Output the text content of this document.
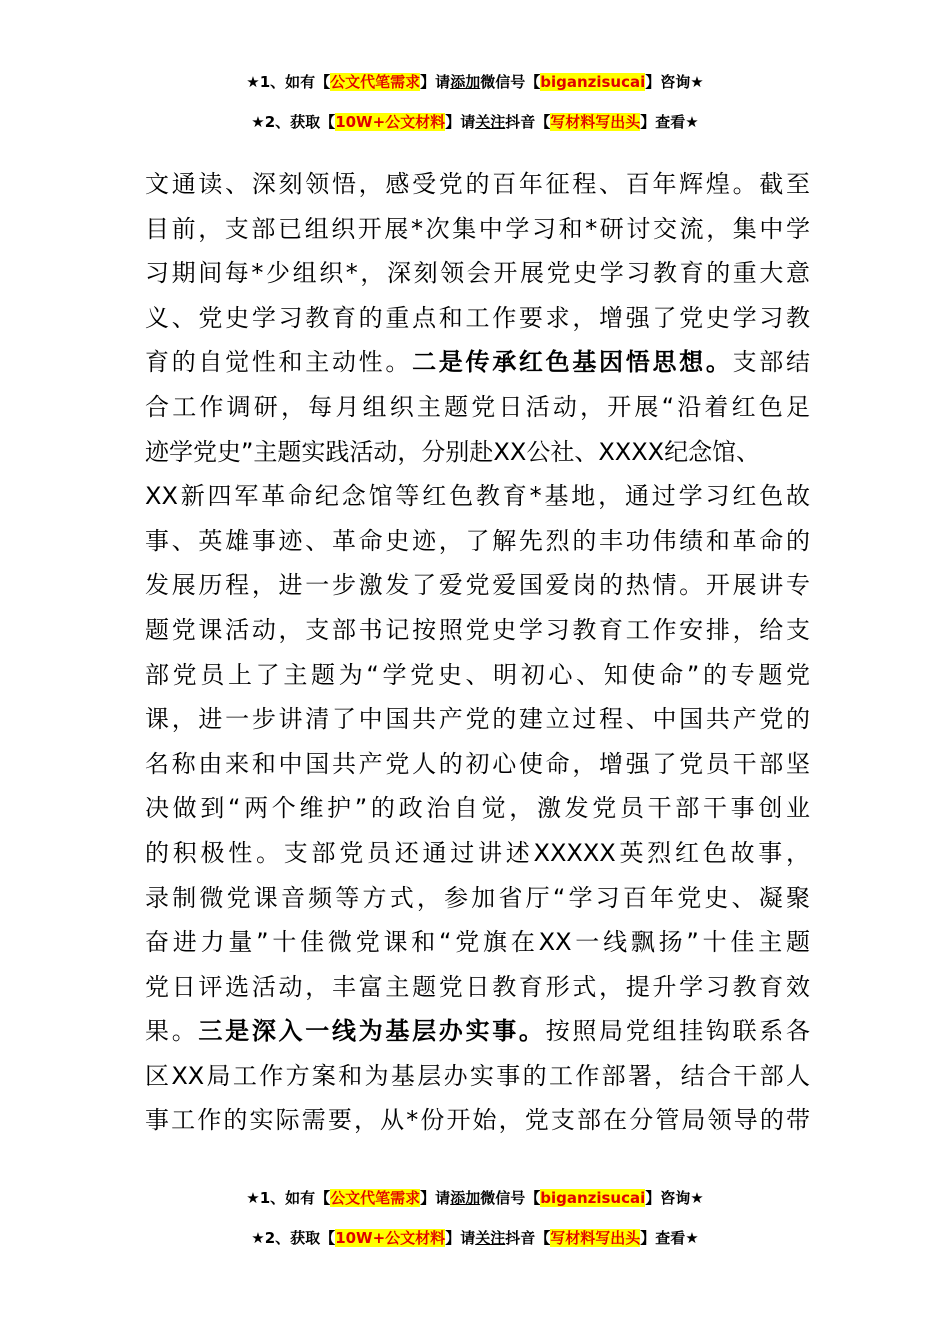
★1、如有【公文代笔需求】请添加微信号【biganzisucai】咨询★
★2、获取【10W+公文材料】请关注抖音【写材料写出头】查看★
文通读、深刻领悟，感受党的百年征程、百年辉煌。截至
目前，支部已组织开展*次集中学习和*研讨交流，集中学
习期间每*少组织*，深刻领会开展党史学习教育的重大意
义、党史学习教育的重点和工作要求，增强了党史学习教
育的自觉性和主动性。二是传承红色基因悟思想。支部结
合工作调研，每月组织主题党日活动，开展“沿着红色足
迹学党史”主题实践活动，分别赴XX公社、XXXX纪念馆、
XX新四军革命纪念馆等红色教育*基地，通过学习红色故
事、英雄事迹、革命史迹，了解先烈的丰功伟绩和革命的
发展历程，进一步激发了爱党爱国爱岗的热情。开展讲专
题党课活动，支部书记按照党史学习教育工作安排，给支
部党员上了主题为“学党史、明初心、知使命”的专题党
课，进一步讲清了中国共产党的建立过程、中国共产党的
名称由来和中国共产党人的初心使命，增强了党员干部坚
决做到“两个维护”的政治自觉，激发党员干部干事创业
的积极性。支部党员还通过讲述XXXXX英烈红色故事，
录制微党课音频等方式，参加省厅“学习百年党史、凝聚
奋进力量”十佳微党课和“党旗在XX一线飘扬”十佳主题
党日评选活动，丰富主题党日教育形式，提升学习教育效
果。三是深入一线为基层办实事。按照局党组挂钩联系各
区XX局工作方案和为基层办实事的工作部署，结合干部人
事工作的实际需要，从*份开始，党支部在分管局领导的带
★1、如有【公文代笔需求】请添加微信号【biganzisucai】咨询★
★2、获取【10W+公文材料】请关注抖音【写材料写出头】查看★
